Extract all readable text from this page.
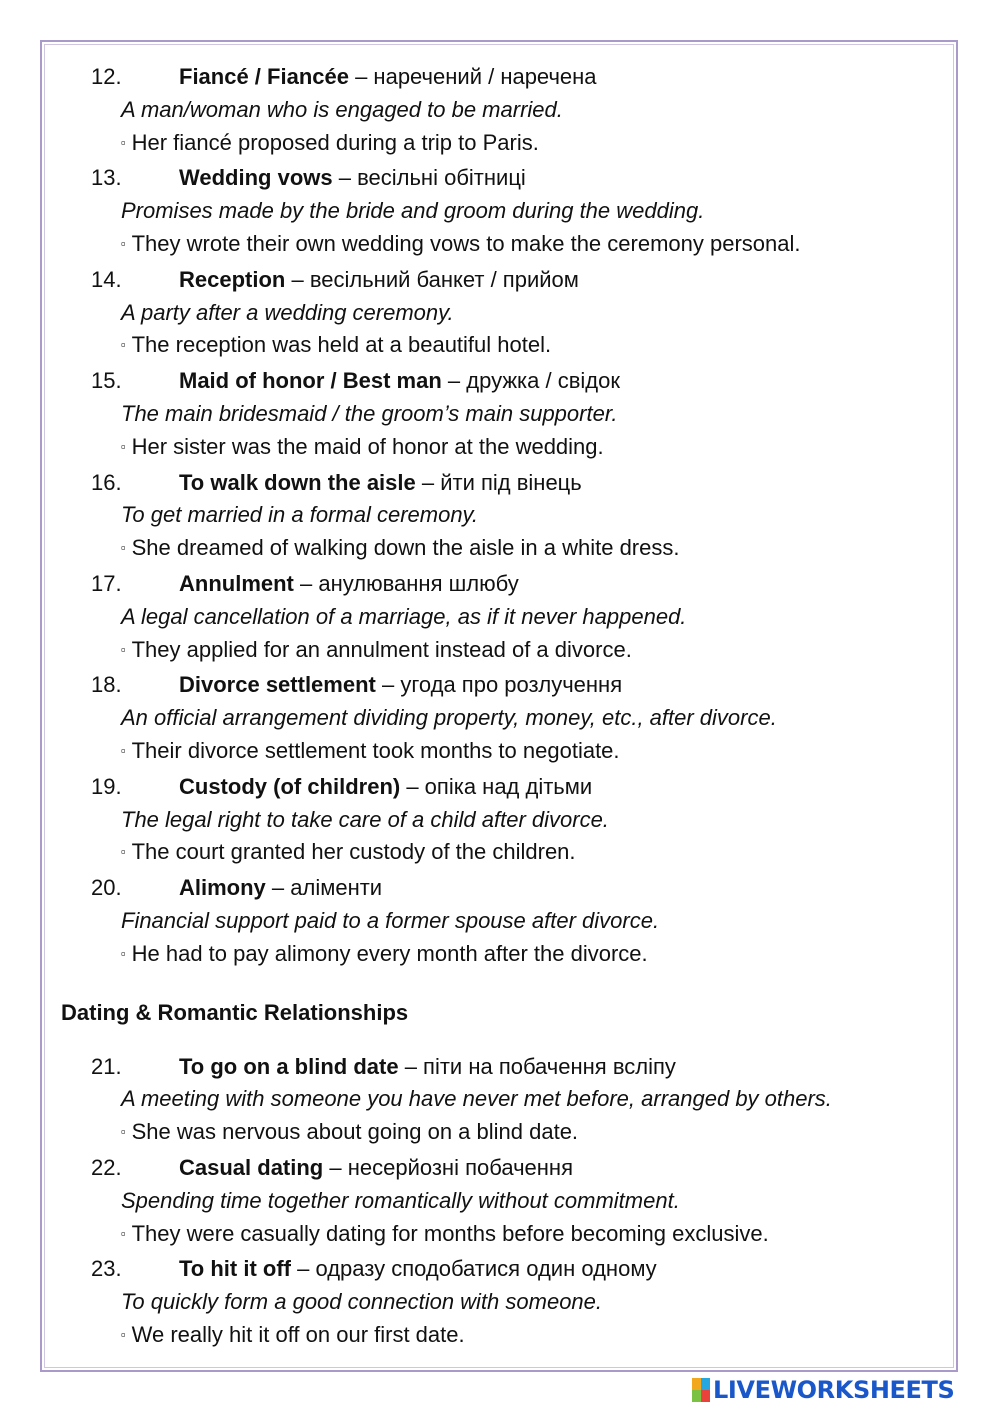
12.	Fiancé / Fiancée – наречений / наречена
A man/woman who is engaged to be married.
▫ Her fiancé proposed during a trip to Paris.
13.	Wedding vows – весільні обітниці
Promises made by the bride and groom during the wedding.
▫ They wrote their own wedding vows to make the ceremony personal.
14.	Reception – весільний банкет / прийом
A party after a wedding ceremony.
▫ The reception was held at a beautiful hotel.
15.	Maid of honor / Best man – дружка / свідок
The main bridesmaid / the groom’s main supporter.
▫ Her sister was the maid of honor at the wedding.
16.	To walk down the aisle – йти під вінець
To get married in a formal ceremony.
▫ She dreamed of walking down the aisle in a white dress.
17.	Annulment – анулювання шлюбу
A legal cancellation of a marriage, as if it never happened.
▫ They applied for an annulment instead of a divorce.
18.	Divorce settlement – угода про розлучення
An official arrangement dividing property, money, etc., after divorce.
▫ Their divorce settlement took months to negotiate.
19.	Custody (of children) – опіка над дітьми
The legal right to take care of a child after divorce.
▫ The court granted her custody of the children.
20.	Alimony – аліменти
Financial support paid to a former spouse after divorce.
▫ He had to pay alimony every month after the divorce.
Dating & Romantic Relationships
21.	To go on a blind date – піти на побачення всліпу
A meeting with someone you have never met before, arranged by others.
▫ She was nervous about going on a blind date.
22.	Casual dating – несерйозні побачення
Spending time together romantically without commitment.
▫ They were casually dating for months before becoming exclusive.
23.	To hit it off – одразу сподобатися один одному
To quickly form a good connection with someone.
▫ We really hit it off on our first date.
LIVEWORKSHEETS
